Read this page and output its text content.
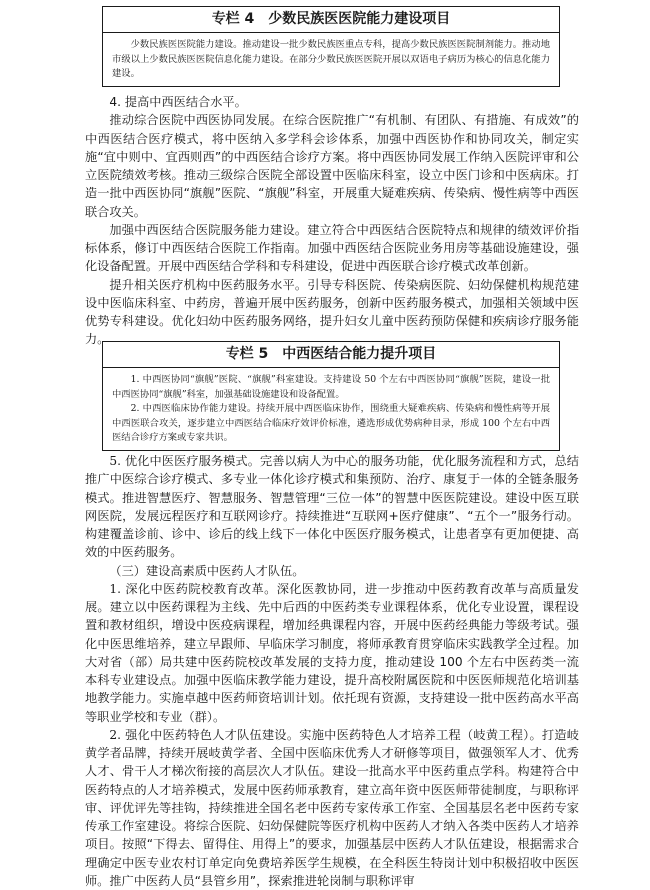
专栏 4　少数民族医医院能力建设项目
少数民族医医院能力建设。推动建设一批少数民族医重点专科，提高少数民族医医院制剂能力。推动地市级以上少数民族医医院信息化能力建设。在部分少数民族医医院开展以双语电子病历为核心的信息化能力建设。

4. 提高中西医结合水平。

推动综合医院中西医协同发展。在综合医院推广“有机制、有团队、有措施、有成效”的中西医结合医疗模式，将中医纳入多学科会诊体系，加强中西医协作和协同攻关，制定实施“宜中则中、宜西则西”的中西医结合诊疗方案。将中西医协同发展工作纳入医院评审和公立医院绩效考核。推动三级综合医院全部设置中医临床科室，设立中医门诊和中医病床。打造一批中西医协同“旗舰”医院、“旗舰”科室，开展重大疑难疾病、传染病、慢性病等中西医联合攻关。

加强中西医结合医院服务能力建设。建立符合中西医结合医院特点和规律的绩效评价指标体系，修订中西医结合医院工作指南。加强中西医结合医院业务用房等基础设施建设，强化设备配置。开展中西医结合学科和专科建设，促进中西医联合诊疗模式改革创新。

提升相关医疗机构中医药服务水平。引导专科医院、传染病医院、妇幼保健机构规范建设中医临床科室、中药房，普遍开展中医药服务，创新中医药服务模式，加强相关领域中医优势专科建设。优化妇幼中医药服务网络，提升妇女儿童中医药预防保健和疾病诊疗服务能力。

专栏 5　中西医结合能力提升项目

1. 中西医协同“旗舰”医院、“旗舰”科室建设。支持建设 50 个左右中西医协同“旗舰”医院，建设一批中西医协同“旗舰”科室，加强基础设施建设和设备配置。

2. 中西医临床协作能力建设。持续开展中西医临床协作，围绕重大疑难疾病、传染病和慢性病等开展中西医联合攻关，逐步建立中西医结合临床疗效评价标准，遴选形成优势病种目录，形成 100 个左右中西医结合诊疗方案或专家共识。

5. 优化中医医疗服务模式。完善以病人为中心的服务功能，优化服务流程和方式，总结推广中医综合诊疗模式、多专业一体化诊疗模式和集预防、治疗、康复于一体的全链条服务模式。推进智慧医疗、智慧服务、智慧管理“三位一体”的智慧中医医院建设。建设中医互联网医院，发展远程医疗和互联网诊疗。持续推进“互联网+医疗健康”、“五个一”服务行动。构建覆盖诊前、诊中、诊后的线上线下一体化中医医疗服务模式，让患者享有更加便捷、高效的中医药服务。

（三）建设高素质中医药人才队伍。

1. 深化中医药院校教育改革。深化医教协同，进一步推动中医药教育改革与高质量发展。建立以中医药课程为主线、先中后西的中医药类专业课程体系，优化专业设置，课程设置和教材组织，增设中医疫病课程，增加经典课程内容，开展中医药经典能力等级考试。强化中医思维培养，建立早跟师、早临床学习制度，将师承教育贯穿临床实践教学全过程。加大对省（部）局共建中医药院校改革发展的支持力度，推动建设 100 个左右中医药类一流本科专业建设点。加强中医临床教学能力建设，提升高校附属医院和中医医师规范化培训基地教学能力。实施卓越中医药师资培训计划。依托现有资源，支持建设一批中医药高水平高等职业学校和专业（群）。

2. 强化中医药特色人才队伍建设。实施中医药特色人才培养工程（岐黄工程）。打造岐黄学者品牌，持续开展岐黄学者、全国中医临床优秀人才研修等项目，做强领军人才、优秀人才、骨干人才梯次衔接的高层次人才队伍。建设一批高水平中医药重点学科。构建符合中医药特点的人才培养模式，发展中医药师承教育，建立高年资中医医师带徒制度，与职称评审、评优评先等挂钩，持续推进全国名老中医药专家传承工作室、全国基层名老中医药专家传承工作室建设。将综合医院、妇幼保健院等医疗机构中医药人才纳入各类中医药人才培养项目。按照“下得去、留得住、用得上”的要求，加强基层中医药人才队伍建设，根据需求合理确定中医专业农村订单定向免费培养医学生规模，在全科医生特岗计划中积极招收中医医师。推广中医药人员“县管乡用”，探索推进轮岗制与职称评审
